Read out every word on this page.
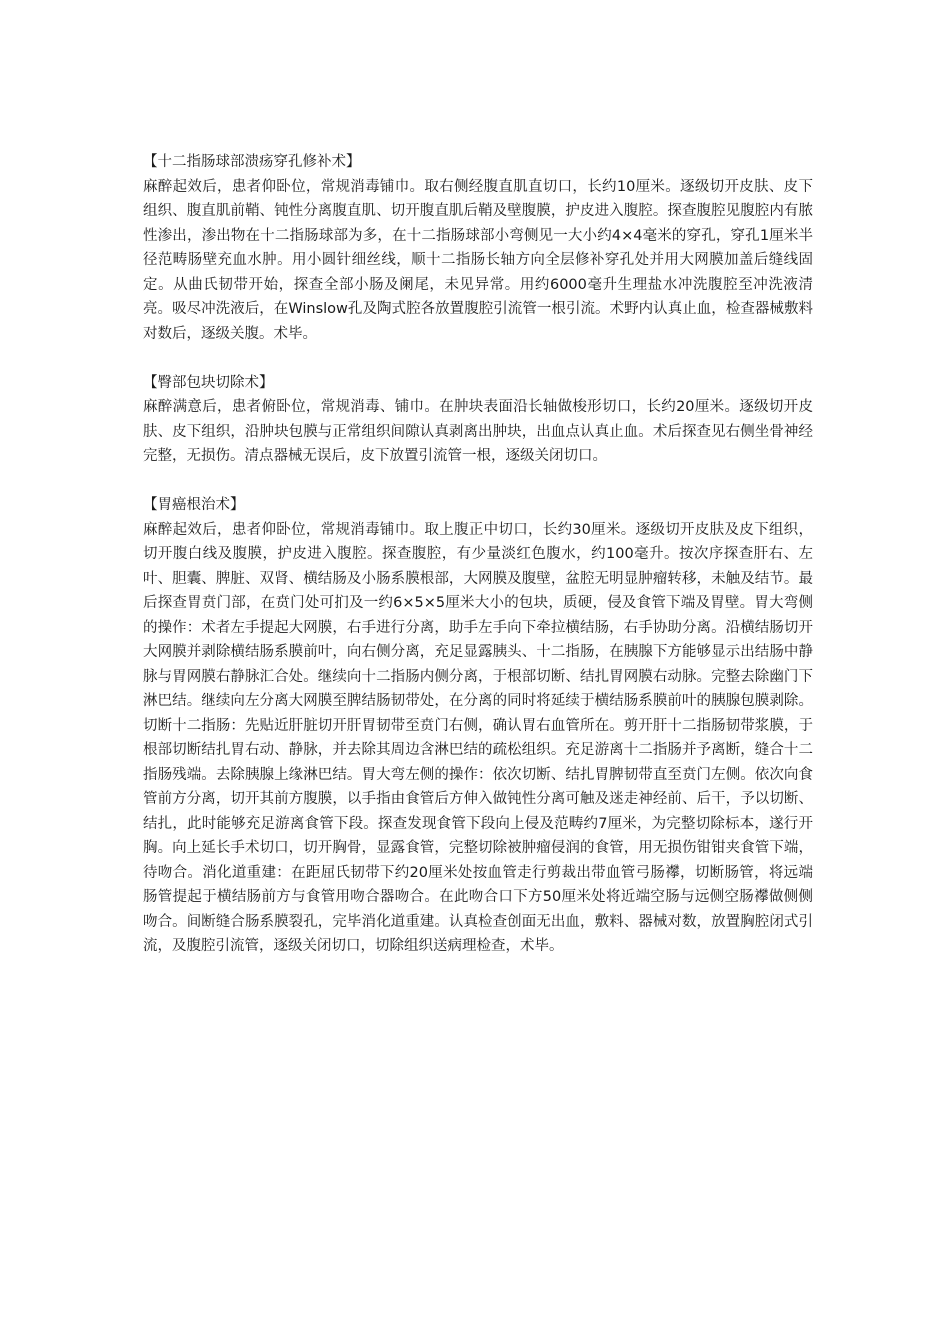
【十二指肠球部溃疡穿孔修补术】

麻醉起效后，患者仰卧位，常规消毒铺巾。取右侧经腹直肌直切口，长约10厘米。逐级切开皮肤、皮下组织、腹直肌前鞘、钝性分离腹直肌、切开腹直肌后鞘及壁腹膜，护皮进入腹腔。探查腹腔见腹腔内有脓性渗出，渗出物在十二指肠球部为多，在十二指肠球部小弯侧见一大小约4×4毫米的穿孔，穿孔1厘米半径范畴肠壁充血水肿。用小圆针细丝线，顺十二指肠长轴方向全层修补穿孔处并用大网膜加盖后缝线固定。从曲氏韧带开始，探查全部小肠及阑尾，未见异常。用约6000毫升生理盐水冲洗腹腔至冲洗液清亮。吸尽冲洗液后，在Winslow孔及陶式腔各放置腹腔引流管一根引流。术野内认真止血，检查器械敷料对数后，逐级关腹。术毕。

【臀部包块切除术】

麻醉满意后，患者俯卧位，常规消毒、铺巾。在肿块表面沿长轴做梭形切口，长约20厘米。逐级切开皮肤、皮下组织，沿肿块包膜与正常组织间隙认真剥离出肿块，出血点认真止血。术后探查见右侧坐骨神经完整，无损伤。清点器械无误后，皮下放置引流管一根，逐级关闭切口。

【胃癌根治术】

麻醉起效后，患者仰卧位，常规消毒铺巾。取上腹正中切口，长约30厘米。逐级切开皮肤及皮下组织，切开腹白线及腹膜，护皮进入腹腔。探查腹腔，有少量淡红色腹水，约100毫升。按次序探查肝右、左叶、胆囊、脾脏、双肾、横结肠及小肠系膜根部，大网膜及腹壁，盆腔无明显肿瘤转移，未触及结节。最后探查胃贲门部，在贲门处可扪及一约6×5×5厘米大小的包块，质硬，侵及食管下端及胃壁。胃大弯侧的操作：术者左手提起大网膜，右手进行分离，助手左手向下牵拉横结肠，右手协助分离。沿横结肠切开大网膜并剥除横结肠系膜前叶，向右侧分离，充足显露胰头、十二指肠，在胰腺下方能够显示出结肠中静脉与胃网膜右静脉汇合处。继续向十二指肠内侧分离，于根部切断、结扎胃网膜右动脉。完整去除幽门下淋巴结。继续向左分离大网膜至脾结肠韧带处，在分离的同时将延续于横结肠系膜前叶的胰腺包膜剥除。切断十二指肠：先贴近肝脏切开肝胃韧带至贲门右侧，确认胃右血管所在。剪开肝十二指肠韧带浆膜，于根部切断结扎胃右动、静脉，并去除其周边含淋巴结的疏松组织。充足游离十二指肠并予离断，缝合十二指肠残端。去除胰腺上缘淋巴结。胃大弯左侧的操作：依次切断、结扎胃脾韧带直至贲门左侧。依次向食管前方分离，切开其前方腹膜，以手指由食管后方伸入做钝性分离可触及迷走神经前、后干，予以切断、结扎，此时能够充足游离食管下段。探查发现食管下段向上侵及范畴约7厘米，为完整切除标本，遂行开胸。向上延长手术切口，切开胸骨，显露食管，完整切除被肿瘤侵润的食管，用无损伤钳钳夹食管下端，待吻合。消化道重建：在距屈氏韧带下约20厘米处按血管走行剪裁出带血管弓肠襻，切断肠管，将远端肠管提起于横结肠前方与食管用吻合器吻合。在此吻合口下方50厘米处将近端空肠与远侧空肠襻做侧侧吻合。间断缝合肠系膜裂孔，完毕消化道重建。认真检查创面无出血，敷料、器械对数，放置胸腔闭式引流，及腹腔引流管，逐级关闭切口，切除组织送病理检查，术毕。
